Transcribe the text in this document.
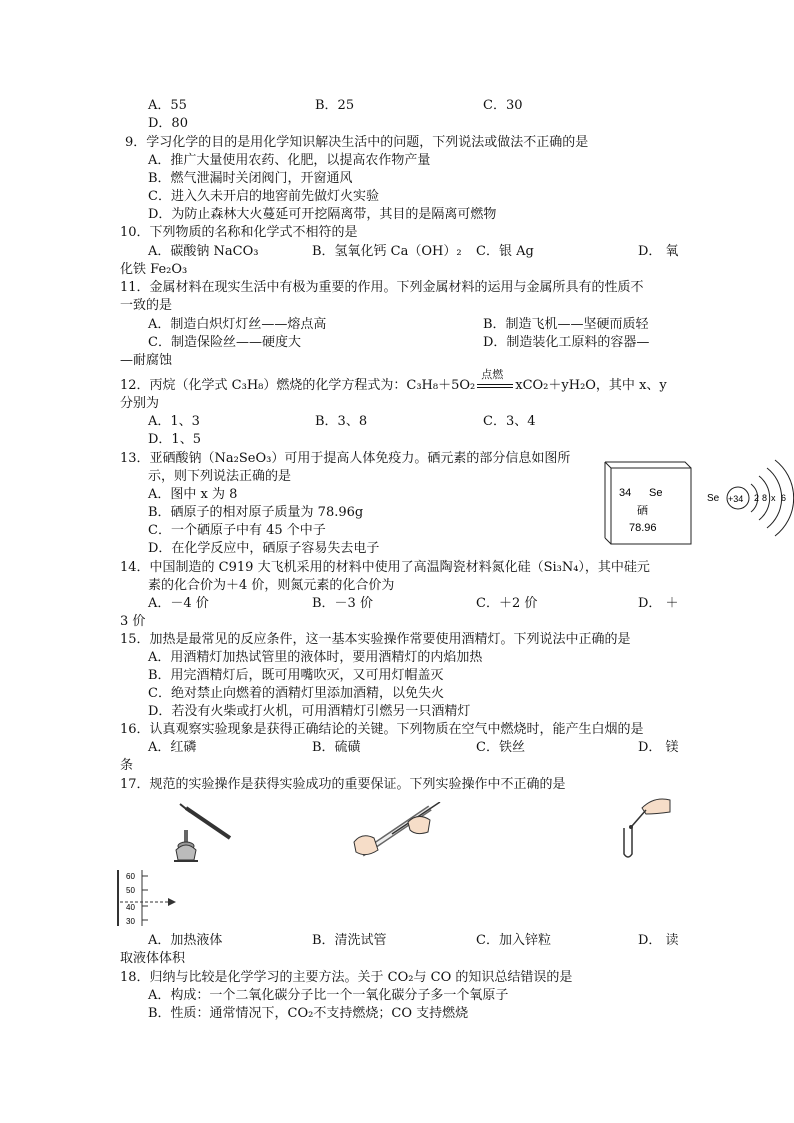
A．55	B．25	C．30
D．80
9．学习化学的目的是用化学知识解决生活中的问题，下列说法或做法不正确的是
A．推广大量使用农药、化肥，以提高农作物产量
B．燃气泄漏时关闭阀门，开窗通风
C．进入久未开启的地窖前先做灯火实验
D．为防止森林大火蔓延可开挖隔离带，其目的是隔离可燃物
10．下列物质的名称和化学式不相符的是
A．碳酸钠 NaCO₃	B．氢氧化钙 Ca（OH）₂ C．银 Ag	D． 氧
化铁 Fe₂O₃
11．金属材料在现实生活中有极为重要的作用。下列金属材料的运用与金属所具有的性质不
一致的是
A．制造白炽灯灯丝——熔点高	B．制造飞机——坚硬而质轻
C．制造保险丝——硬度大	D．制造装化工原料的容器—
—耐腐蚀
12．丙烷（化学式 C₃H₈）燃烧的化学方程式为：C₃H₈＋5O₂
点燃
xCO₂＋yH₂O，其中 x、y
分别为
A．1、3	B．3、8	C．3、4
D．1、5
13．亚硒酸钠（Na₂SeO₃）可用于提高人体免疫力。硒元素的部分信息如图所
示，则下列说法正确的是
A．图中 x 为 8
B．硒原子的相对原子质量为 78.96g
C．一个硒原子中有 45 个中子
D．在化学反应中，硒原子容易失去电子
34 Se
硒
78.96
Se +34 2 8 x 6
14．中国制造的 C919 大飞机采用的材料中使用了高温陶瓷材料氮化硅（Si₃N₄），其中硅元
素的化合价为＋4 价，则氮元素的化合价为
A．－4 价	B．－3 价	C．＋2 价	D． ＋
3 价
15．加热是最常见的反应条件，这一基本实验操作常要使用酒精灯。下列说法中正确的是
A．用酒精灯加热试管里的液体时，要用酒精灯的内焰加热
B．用完酒精灯后，既可用嘴吹灭，又可用灯帽盖灭
C．绝对禁止向燃着的酒精灯里添加酒精，以免失火
D．若没有火柴或打火机，可用酒精灯引燃另一只酒精灯
16．认真观察实验现象是获得正确结论的关键。下列物质在空气中燃烧时，能产生白烟的是
A．红磷	B．硫磺	C．铁丝	D． 镁
条
17．规范的实验操作是获得实验成功的重要保证。下列实验操作中不正确的是
60
50
40
30
A．加热液体	B．清洗试管	C．加入锌粒	D． 读
取液体体积
18．归纳与比较是化学学习的主要方法。关于 CO₂与 CO 的知识总结错误的是
A．构成：一个二氧化碳分子比一个一氧化碳分子多一个氧原子
B．性质：通常情况下，CO₂不支持燃烧；CO 支持燃烧
